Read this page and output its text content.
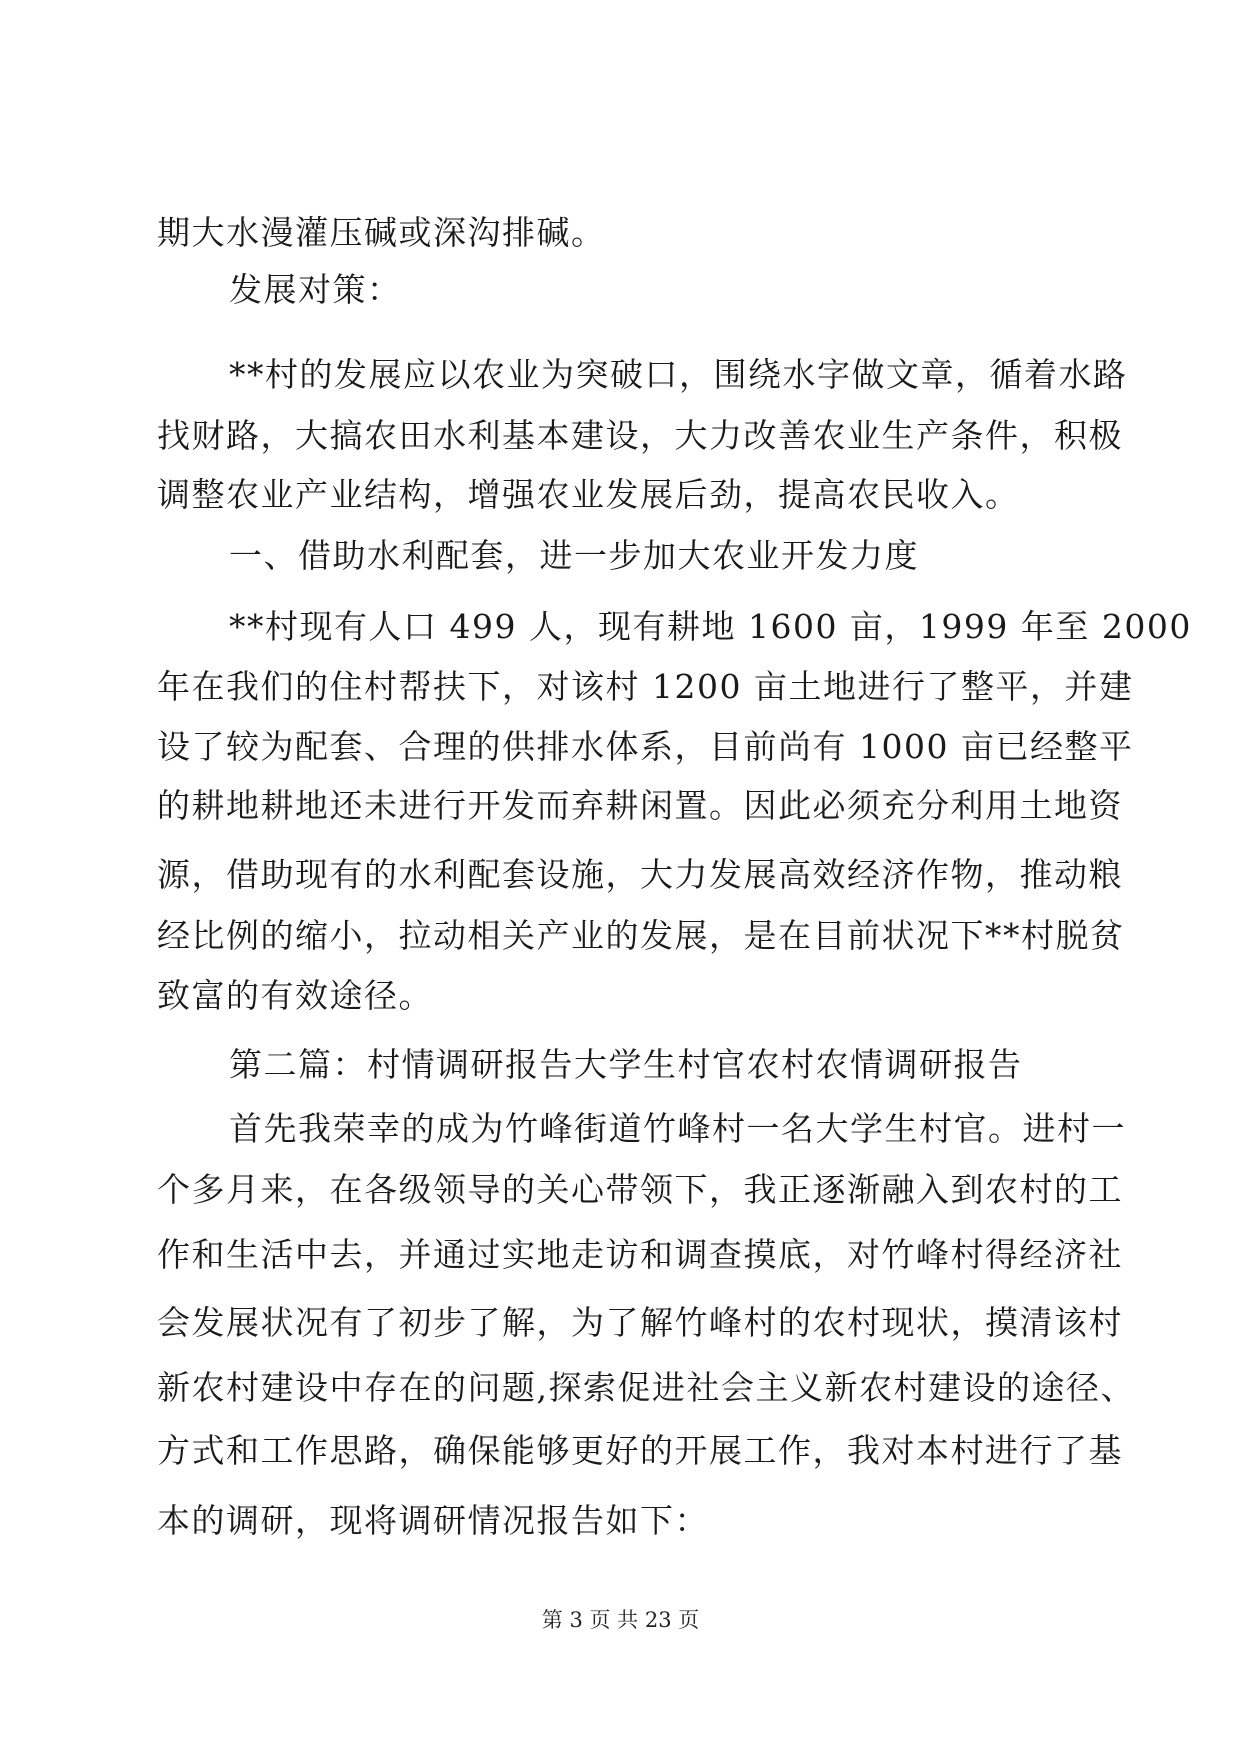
期大水漫灌压碱或深沟排碱。
发展对策：
**村的发展应以农业为突破口，围绕水字做文章，循着水路
找财路，大搞农田水利基本建设，大力改善农业生产条件，积极
调整农业产业结构，增强农业发展后劲，提高农民收入。
一、借助水利配套，进一步加大农业开发力度
**村现有人口 499 人，现有耕地 1600 亩，1999 年至 2000
年在我们的住村帮扶下，对该村 1200 亩土地进行了整平，并建
设了较为配套、合理的供排水体系，目前尚有 1000 亩已经整平
的耕地耕地还未进行开发而弃耕闲置。因此必须充分利用土地资
源，借助现有的水利配套设施，大力发展高效经济作物，推动粮
经比例的缩小，拉动相关产业的发展，是在目前状况下**村脱贫
致富的有效途径。
第二篇：村情调研报告大学生村官农村农情调研报告
首先我荣幸的成为竹峰街道竹峰村一名大学生村官。进村一
个多月来，在各级领导的关心带领下，我正逐渐融入到农村的工
作和生活中去，并通过实地走访和调查摸底，对竹峰村得经济社
会发展状况有了初步了解，为了解竹峰村的农村现状，摸清该村
新农村建设中存在的问题,探索促进社会主义新农村建设的途径、
方式和工作思路，确保能够更好的开展工作，我对本村进行了基
本的调研，现将调研情况报告如下：
第 3 页 共 23 页
